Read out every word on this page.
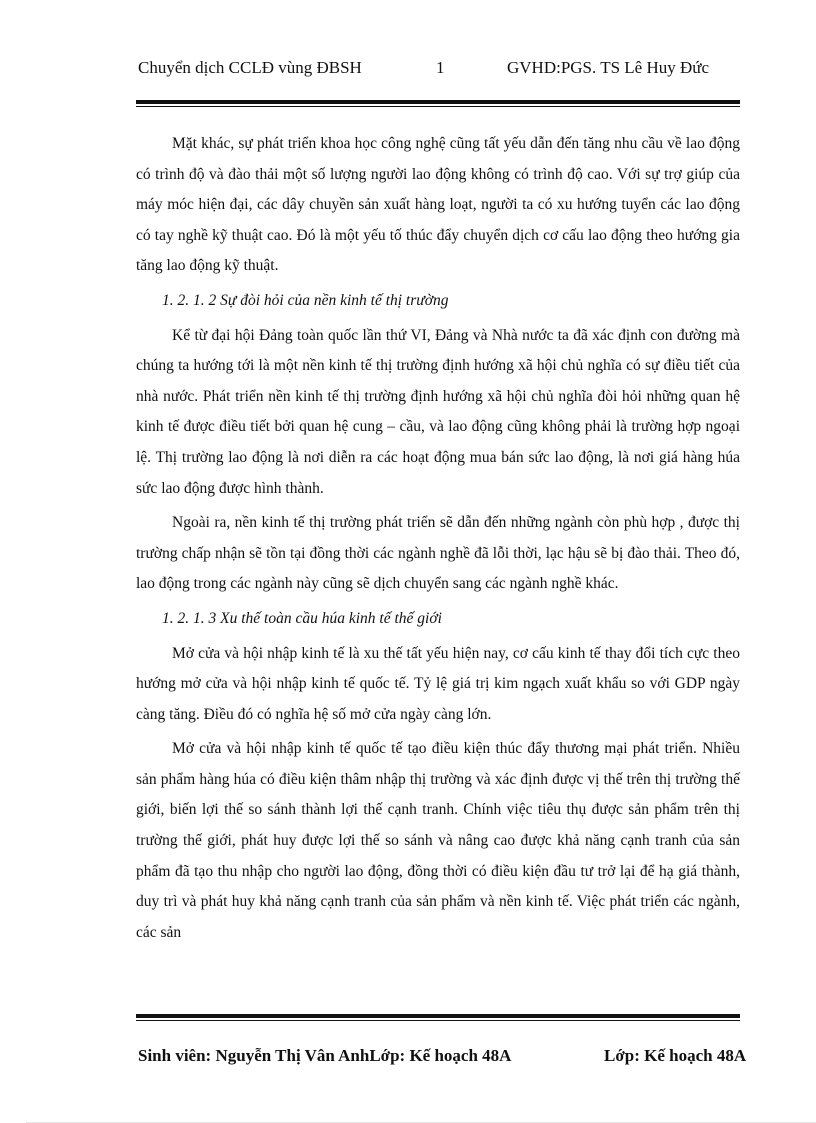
Chuyển dịch CCLĐ vùng ĐBSH	1	GVHD:PGS. TS Lê Huy Đức

Mặt khác, sự phát triển khoa học công nghệ cũng tất yếu dẫn đến tăng nhu cầu về lao động có trình độ và đào thải một số lượng người lao động không có trình độ cao. Với sự trợ giúp của máy móc hiện đại, các dây chuyền sản xuất hàng loạt, người ta có xu hướng tuyển các lao động có tay nghề kỹ thuật cao. Đó là một yếu tố thúc đẩy chuyển dịch cơ cấu lao động theo hướng gia tăng lao động kỹ thuật.

1. 2. 1. 2 Sự đòi hỏi của nền kinh tế thị trường

Kể từ đại hội Đảng toàn quốc lần thứ VI, Đảng và Nhà nước ta đã xác định con đường mà chúng ta hướng tới là một nền kinh tế thị trường định hướng xã hội chủ nghĩa có sự điều tiết của nhà nước. Phát triển nền kinh tế thị trường định hướng xã hội chủ nghĩa đòi hỏi những quan hệ kinh tế được điều tiết bởi quan hệ cung – cầu, và lao động cũng không phải là trường hợp ngoại lệ. Thị trường lao động là nơi diễn ra các hoạt động mua bán sức lao động, là nơi giá hàng húa sức lao động được hình thành.

Ngoài ra, nền kinh tế thị trường phát triển sẽ dẫn đến những ngành còn phù hợp , được thị trường chấp nhận sẽ tồn tại đồng thời các ngành nghề đã lỗi thời, lạc hậu sẽ bị đào thải. Theo đó, lao động trong các ngành này cũng sẽ dịch chuyển sang các ngành nghề khác.

1. 2. 1. 3 Xu thế toàn cầu húa kinh tế thế giới

Mở cửa và hội nhập kinh tế là xu thế tất yếu hiện nay, cơ cấu kinh tế thay đổi tích cực theo hướng mở cửa và hội nhập kinh tế quốc tế. Tỷ lệ giá trị kim ngạch xuất khẩu so với GDP ngày càng tăng. Điều đó có nghĩa hệ số mở cửa ngày càng lớn.

Mở cửa và hội nhập kinh tế quốc tế tạo điều kiện thúc đẩy thương mại phát triển. Nhiều sản phẩm hàng húa có điều kiện thâm nhập thị trường và xác định được vị thế trên thị trường thế giới, biến lợi thế so sánh thành lợi thế cạnh tranh. Chính việc tiêu thụ được sản phẩm trên thị trường thế giới, phát huy được lợi thế so sánh và nâng cao được khả năng cạnh tranh của sản phẩm đã tạo thu nhập cho người lao động, đồng thời có điều kiện đầu tư trở lại để hạ giá thành, duy trì và phát huy khả năng cạnh tranh của sản phẩm và nền kinh tế. Việc phát triển các ngành, các sản

Sinh viên: Nguyễn Thị Vân AnhLớp: Kế hoạch 48A	Lớp: Kế hoạch 48A
